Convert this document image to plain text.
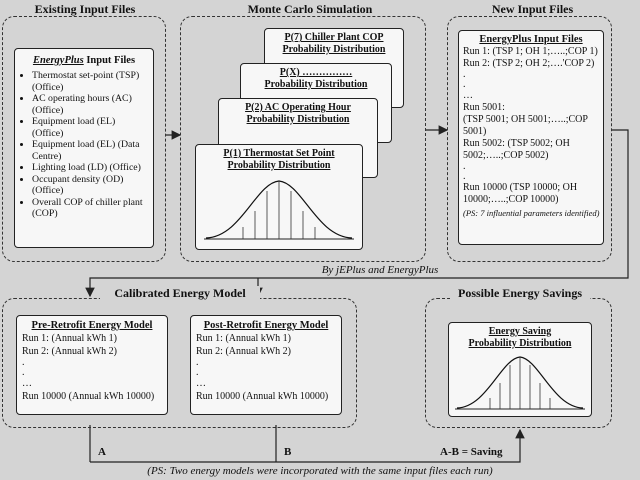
Existing Input Files	Monte Carlo Simulation	New Input Files
EnergyPlus Input Files
• Thermostat set-point (TSP) (Office)
• AC operating hours (AC) (Office)
• Equipment load (EL) (Office)
• Equipment load (EL) (Data Centre)
• Lighting load (LD) (Office)
• Occupant density (OD) (Office)
• Overall COP of chiller plant (COP)
P(7) Chiller Plant COP
Probability Distribution
P(X) ……………
Probability Distribution
P(2) AC Operating Hour
Probability Distribution
P(1) Thermostat Set Point
Probability Distribution
EnergyPlus Input Files
Run 1: (TSP 1; OH 1;…..;COP 1)
Run 2: (TSP 2; OH 2;….'COP 2)
.
.
…
Run 5001:
(TSP 5001; OH 5001;…..;COP
5001)
Run 5002: (TSP 5002; OH
5002;…..;COP 5002)
.
.
Run 10000 (TSP 10000; OH
10000;…..;COP 10000)
(PS: 7 influential parameters identified)
By jEPlus and EnergyPlus
Calibrated Energy Model
Pre-Retrofit Energy Model
Run 1: (Annual kWh 1)
Run 2: (Annual kWh 2)
.
.
…
Run 10000 (Annual kWh 10000)
Post-Retrofit Energy Model
Run 1: (Annual kWh 1)
Run 2: (Annual kWh 2)
.
.
…
Run 10000 (Annual kWh 10000)
Possible Energy Savings
Energy Saving
Probability Distribution
A	B	A-B = Saving
(PS: Two energy models were incorporated with the same input files each run)
